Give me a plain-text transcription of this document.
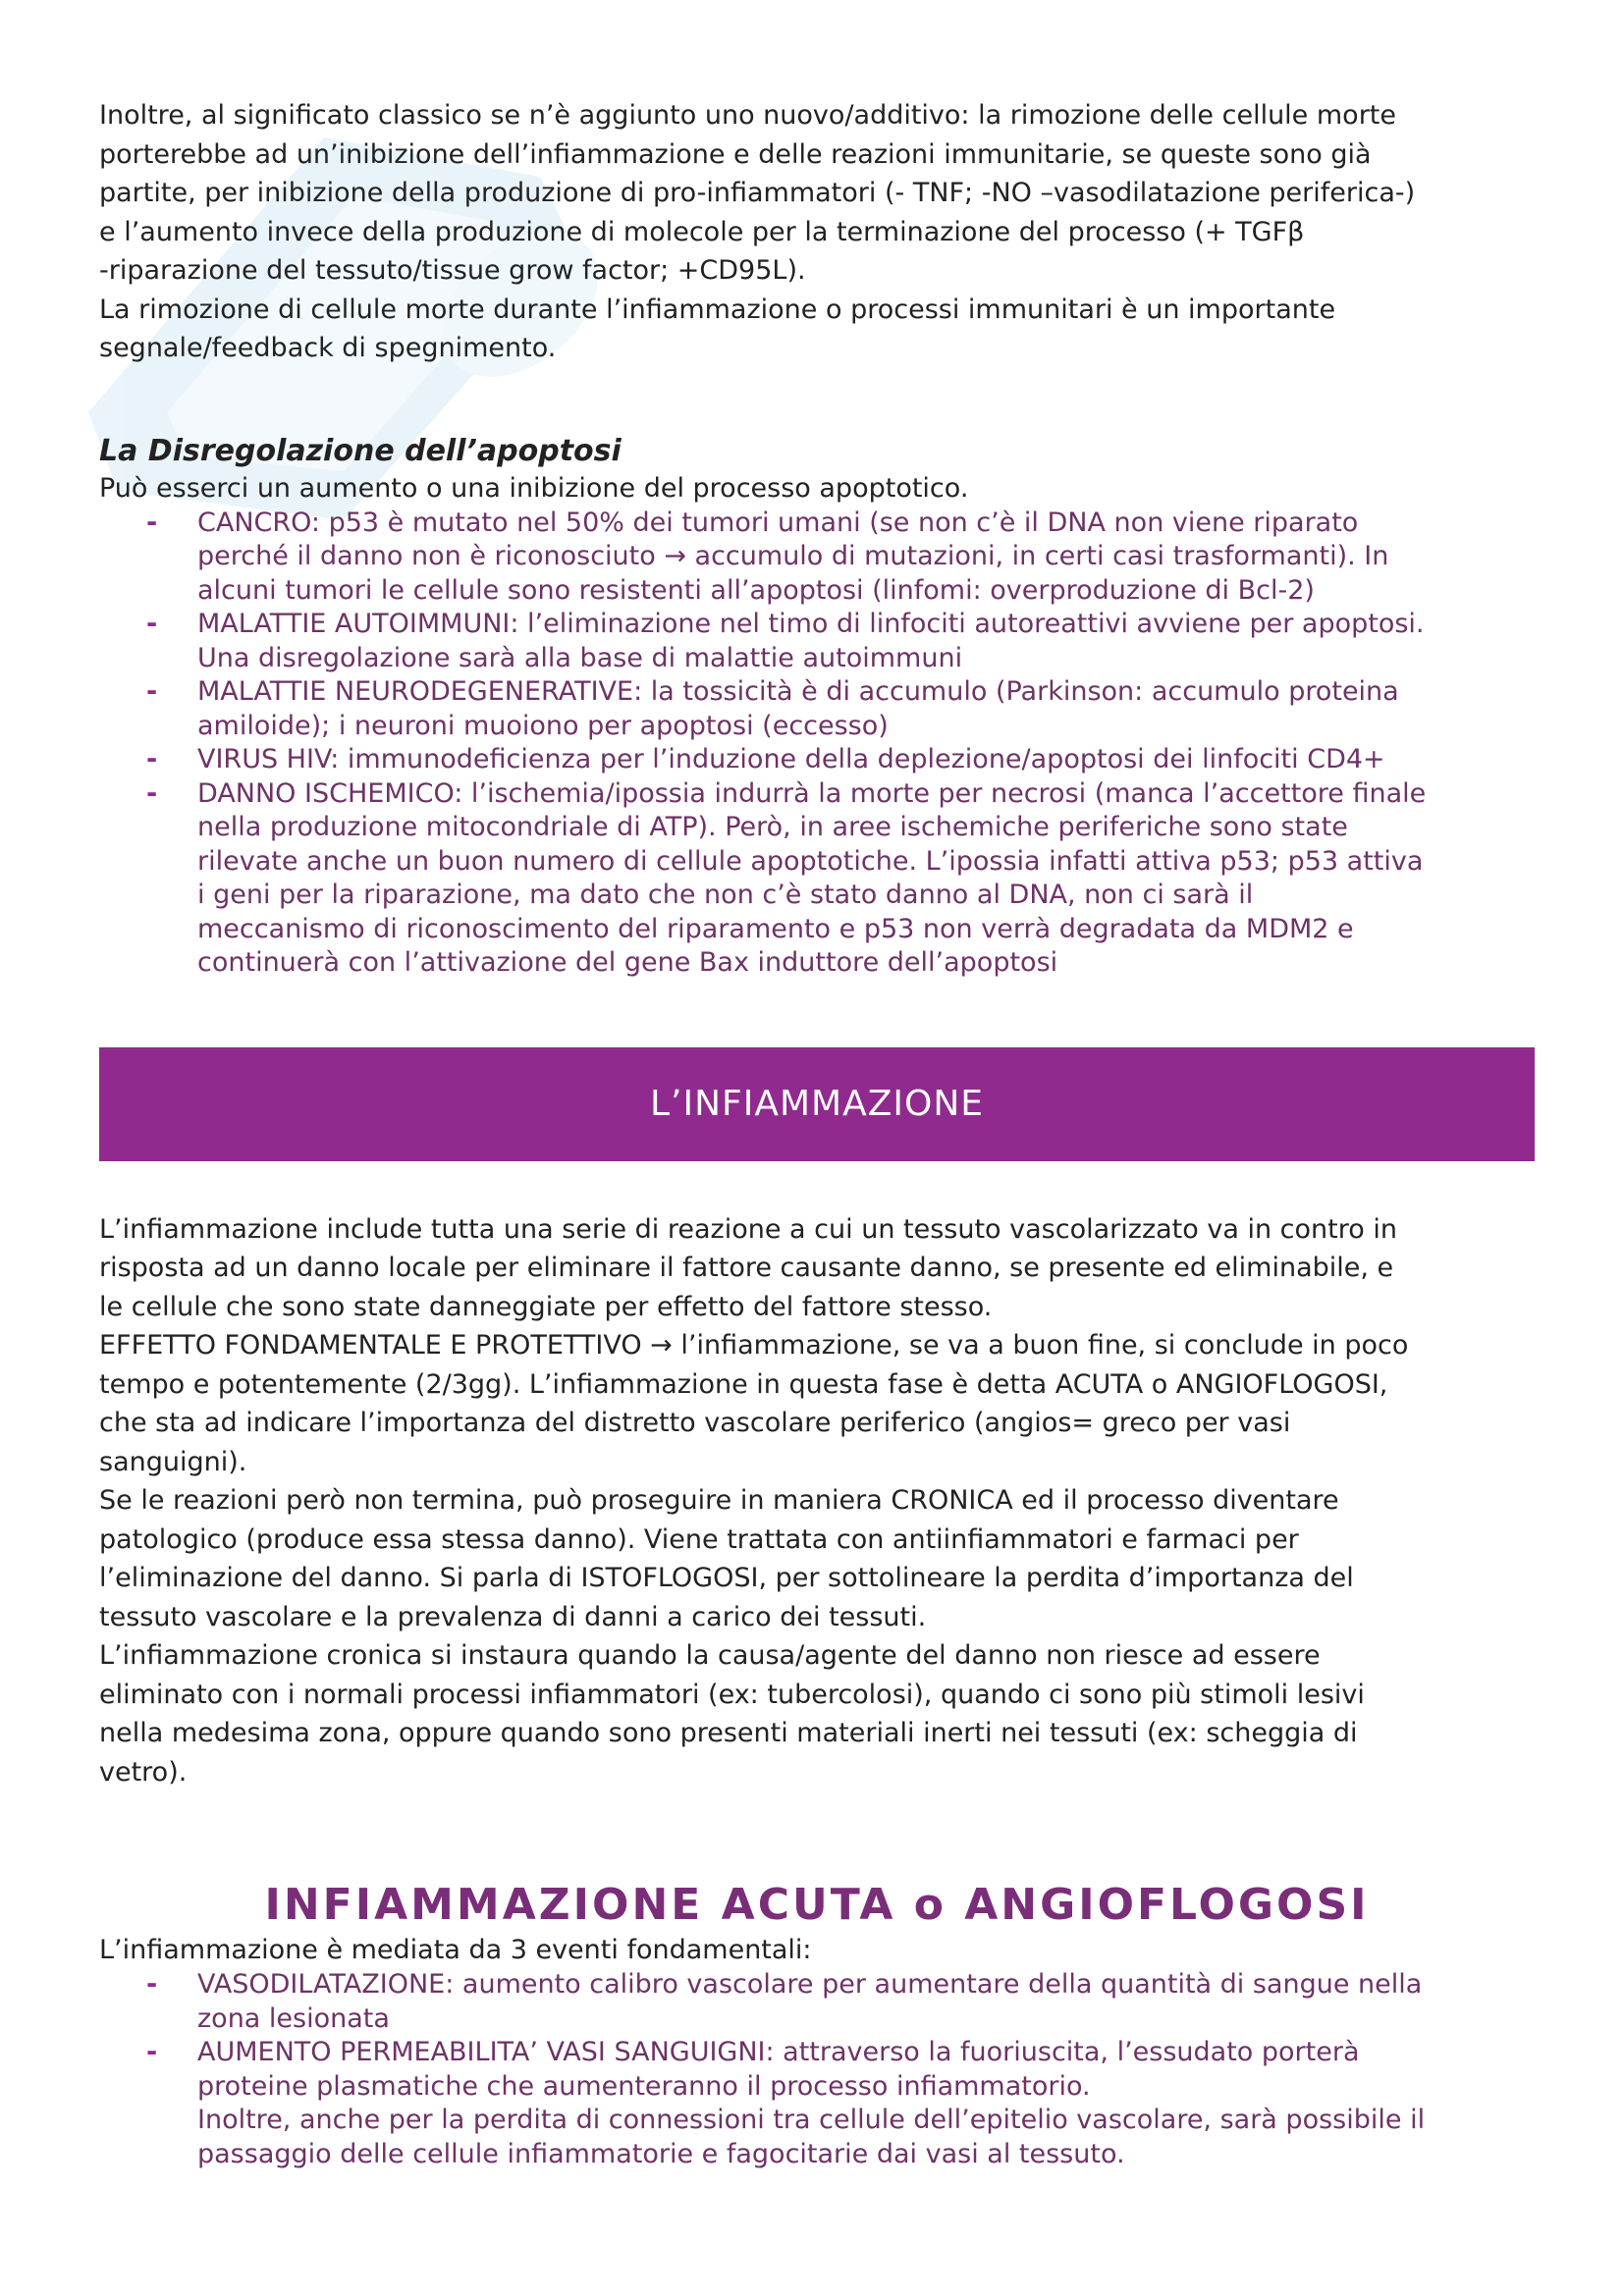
Inoltre, al significato classico se n’è aggiunto uno nuovo/additivo: la rimozione delle cellule morte

porterebbe ad un’inibizione dell’infiammazione e delle reazioni immunitarie, se queste sono già

partite, per inibizione della produzione di pro-infiammatori (- TNF; -NO –vasodilatazione periferica-)

e l’aumento invece della produzione di molecole per la terminazione del processo (+ TGFβ

-riparazione del tessuto/tissue grow factor; +CD95L).

La rimozione di cellule morte durante l’infiammazione o processi immunitari è un importante

segnale/feedback di spegnimento.

La Disregolazione dell’apoptosi

Può esserci un aumento o una inibizione del processo apoptotico.

- CANCRO: p53 è mutato nel 50% dei tumori umani (se non c’è il DNA non viene riparato
perché il danno non è riconosciuto → accumulo di mutazioni, in certi casi trasformanti). In
alcuni tumori le cellule sono resistenti all’apoptosi (linfomi: overproduzione di Bcl-2)
- MALATTIE AUTOIMMUNI: l’eliminazione nel timo di linfociti autoreattivi avviene per apoptosi.
Una disregolazione sarà alla base di malattie autoimmuni
- MALATTIE NEURODEGENERATIVE: la tossicità è di accumulo (Parkinson: accumulo proteina
amiloide); i neuroni muoiono per apoptosi (eccesso)
- VIRUS HIV: immunodeficienza per l’induzione della deplezione/apoptosi dei linfociti CD4+
- DANNO ISCHEMICO: l’ischemia/ipossia indurrà la morte per necrosi (manca l’accettore finale
nella produzione mitocondriale di ATP). Però, in aree ischemiche periferiche sono state
rilevate anche un buon numero di cellule apoptotiche. L’ipossia infatti attiva p53; p53 attiva
i geni per la riparazione, ma dato che non c’è stato danno al DNA, non ci sarà il
meccanismo di riconoscimento del riparamento e p53 non verrà degradata da MDM2 e
continuerà con l’attivazione del gene Bax induttore dell’apoptosi
L’INFIAMMAZIONE

L’infiammazione include tutta una serie di reazione a cui un tessuto vascolarizzato va in contro in

risposta ad un danno locale per eliminare il fattore causante danno, se presente ed eliminabile, e

le cellule che sono state danneggiate per effetto del fattore stesso.

EFFETTO FONDAMENTALE E PROTETTIVO → l’infiammazione, se va a buon fine, si conclude in poco

tempo e potentemente (2/3gg). L’infiammazione in questa fase è detta ACUTA o ANGIOFLOGOSI,

che sta ad indicare l’importanza del distretto vascolare periferico (angios= greco per vasi

sanguigni).

Se le reazioni però non termina, può proseguire in maniera CRONICA ed il processo diventare

patologico (produce essa stessa danno). Viene trattata con antiinfiammatori e farmaci per

l’eliminazione del danno. Si parla di ISTOFLOGOSI, per sottolineare la perdita d’importanza del

tessuto vascolare e la prevalenza di danni a carico dei tessuti.

L’infiammazione cronica si instaura quando la causa/agente del danno non riesce ad essere

eliminato con i normali processi infiammatori (ex: tubercolosi), quando ci sono più stimoli lesivi

nella medesima zona, oppure quando sono presenti materiali inerti nei tessuti (ex: scheggia di

vetro).

INFIAMMAZIONE ACUTA o ANGIOFLOGOSI

L’infiammazione è mediata da 3 eventi fondamentali:

- VASODILATAZIONE: aumento calibro vascolare per aumentare della quantità di sangue nella
zona lesionata
- AUMENTO PERMEABILITA’ VASI SANGUIGNI: attraverso la fuoriuscita, l’essudato porterà
proteine plasmatiche che aumenteranno il processo infiammatorio.
Inoltre, anche per la perdita di connessioni tra cellule dell’epitelio vascolare, sarà possibile il
passaggio delle cellule infiammatorie e fagocitarie dai vasi al tessuto.
